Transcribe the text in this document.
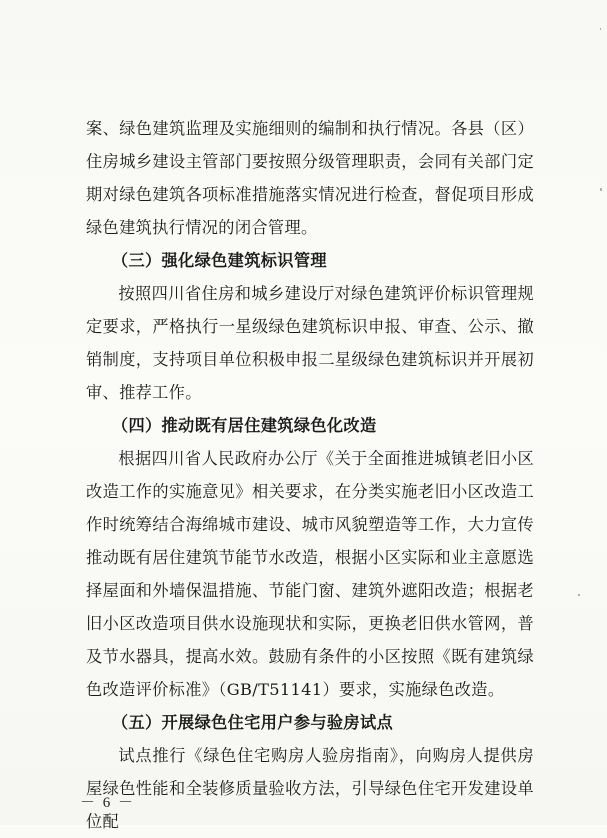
案、绿色建筑监理及实施细则的编制和执行情况。各县（区）住房城乡建设主管部门要按照分级管理职责，会同有关部门定期对绿色建筑各项标准措施落实情况进行检查，督促项目形成绿色建筑执行情况的闭合管理。

（三）强化绿色建筑标识管理

按照四川省住房和城乡建设厅对绿色建筑评价标识管理规定要求，严格执行一星级绿色建筑标识申报、审查、公示、撤销制度，支持项目单位积极申报二星级绿色建筑标识并开展初审、推荐工作。

（四）推动既有居住建筑绿色化改造

根据四川省人民政府办公厅《关于全面推进城镇老旧小区改造工作的实施意见》相关要求，在分类实施老旧小区改造工作时统筹结合海绵城市建设、城市风貌塑造等工作，大力宣传推动既有居住建筑节能节水改造，根据小区实际和业主意愿选择屋面和外墙保温措施、节能门窗、建筑外遮阳改造；根据老旧小区改造项目供水设施现状和实际，更换老旧供水管网，普及节水器具，提高水效。鼓励有条件的小区按照《既有建筑绿色改造评价标准》（GB/T51141）要求，实施绿色改造。

（五）开展绿色住宅用户参与验房试点

试点推行《绿色住宅购房人验房指南》，向购房人提供房屋绿色性能和全装修质量验收方法，引导绿色住宅开发建设单位配

－ 6 －
